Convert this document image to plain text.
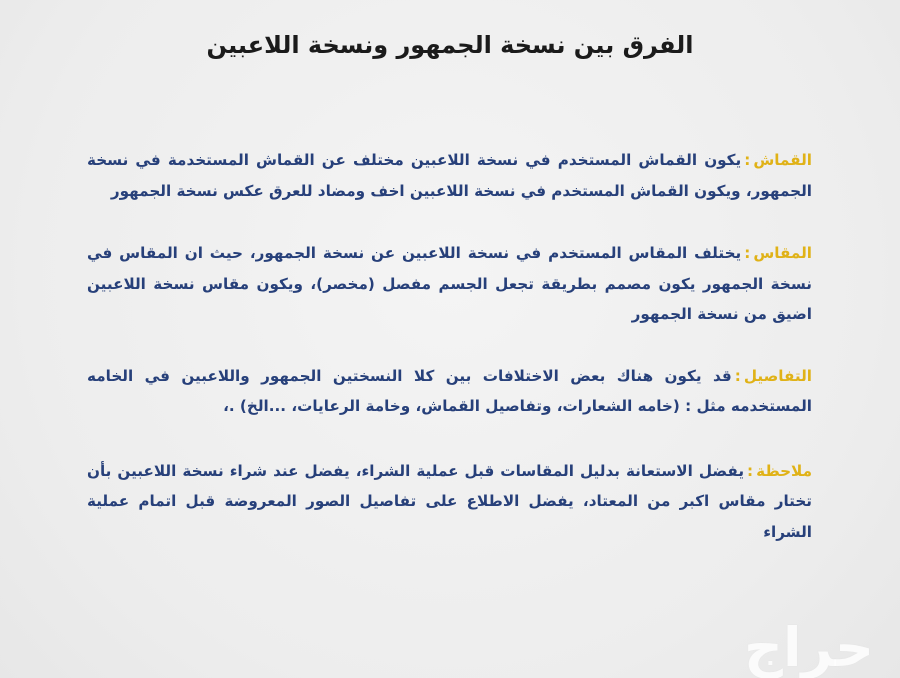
الفرق بين نسخة الجمهور ونسخة اللاعبين
القماش:يكون القماش المستخدم في نسخة اللاعبين مختلف عن القماش المستخدمة في نسخة الجمهور، ويكون القماش المستخدم في نسخة اللاعبين اخف ومضاد للعرق عكس نسخة الجمهور
المقاس:يختلف المقاس المستخدم في نسخة اللاعبين عن نسخة الجمهور، حيث ان المقاس في نسخة الجمهور يكون مصمم بطريقة تجعل الجسم مفصل (مخصر)، ويكون مقاس نسخة اللاعبين اضيق من نسخة الجمهور
التفاصيل:قد يكون هناك بعض الاختلافات بين كلا النسختين الجمهور واللاعبين في الخامه المستخدمه مثل : (خامه الشعارات، وتفاصيل القماش، وخامة الرعايات، ...الخ) .،
ملاحظة:يفضل الاستعانة بدليل المقاسات قبل عملية الشراء، يفضل عند شراء نسخة اللاعبين بأن تختار مقاس اكبر من المعتاد، يفضل الاطلاع على تفاصيل الصور المعروضة قبل اتمام عملية الشراء
حراج
